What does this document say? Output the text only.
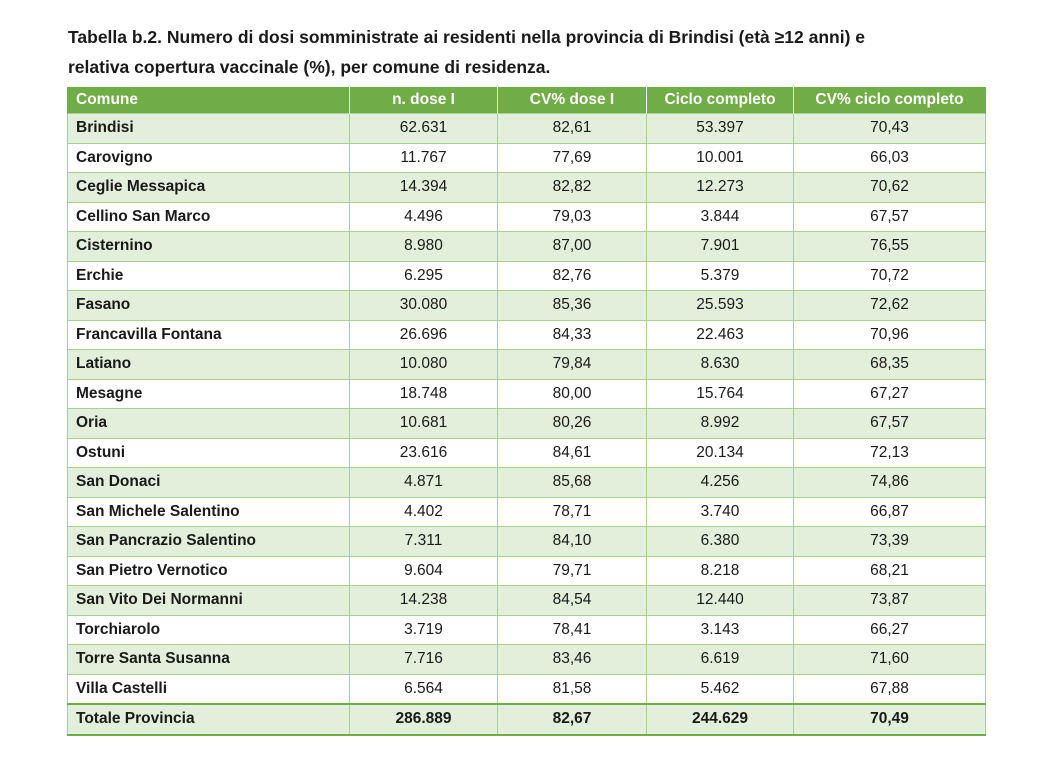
Tabella b.2. Numero di dosi somministrate ai residenti nella provincia di Brindisi (età ≥12 anni) e
relativa copertura vaccinale (%), per comune di residenza.
Comune	n. dose I	CV% dose I	Ciclo completo	CV% ciclo completo
Brindisi	62.631	82,61	53.397	70,43
Carovigno	11.767	77,69	10.001	66,03
Ceglie Messapica	14.394	82,82	12.273	70,62
Cellino San Marco	4.496	79,03	3.844	67,57
Cisternino	8.980	87,00	7.901	76,55
Erchie	6.295	82,76	5.379	70,72
Fasano	30.080	85,36	25.593	72,62
Francavilla Fontana	26.696	84,33	22.463	70,96
Latiano	10.080	79,84	8.630	68,35
Mesagne	18.748	80,00	15.764	67,27
Oria	10.681	80,26	8.992	67,57
Ostuni	23.616	84,61	20.134	72,13
San Donaci	4.871	85,68	4.256	74,86
San Michele Salentino	4.402	78,71	3.740	66,87
San Pancrazio Salentino	7.311	84,10	6.380	73,39
San Pietro Vernotico	9.604	79,71	8.218	68,21
San Vito Dei Normanni	14.238	84,54	12.440	73,87
Torchiarolo	3.719	78,41	3.143	66,27
Torre Santa Susanna	7.716	83,46	6.619	71,60
Villa Castelli	6.564	81,58	5.462	67,88
Totale Provincia	286.889	82,67	244.629	70,49
